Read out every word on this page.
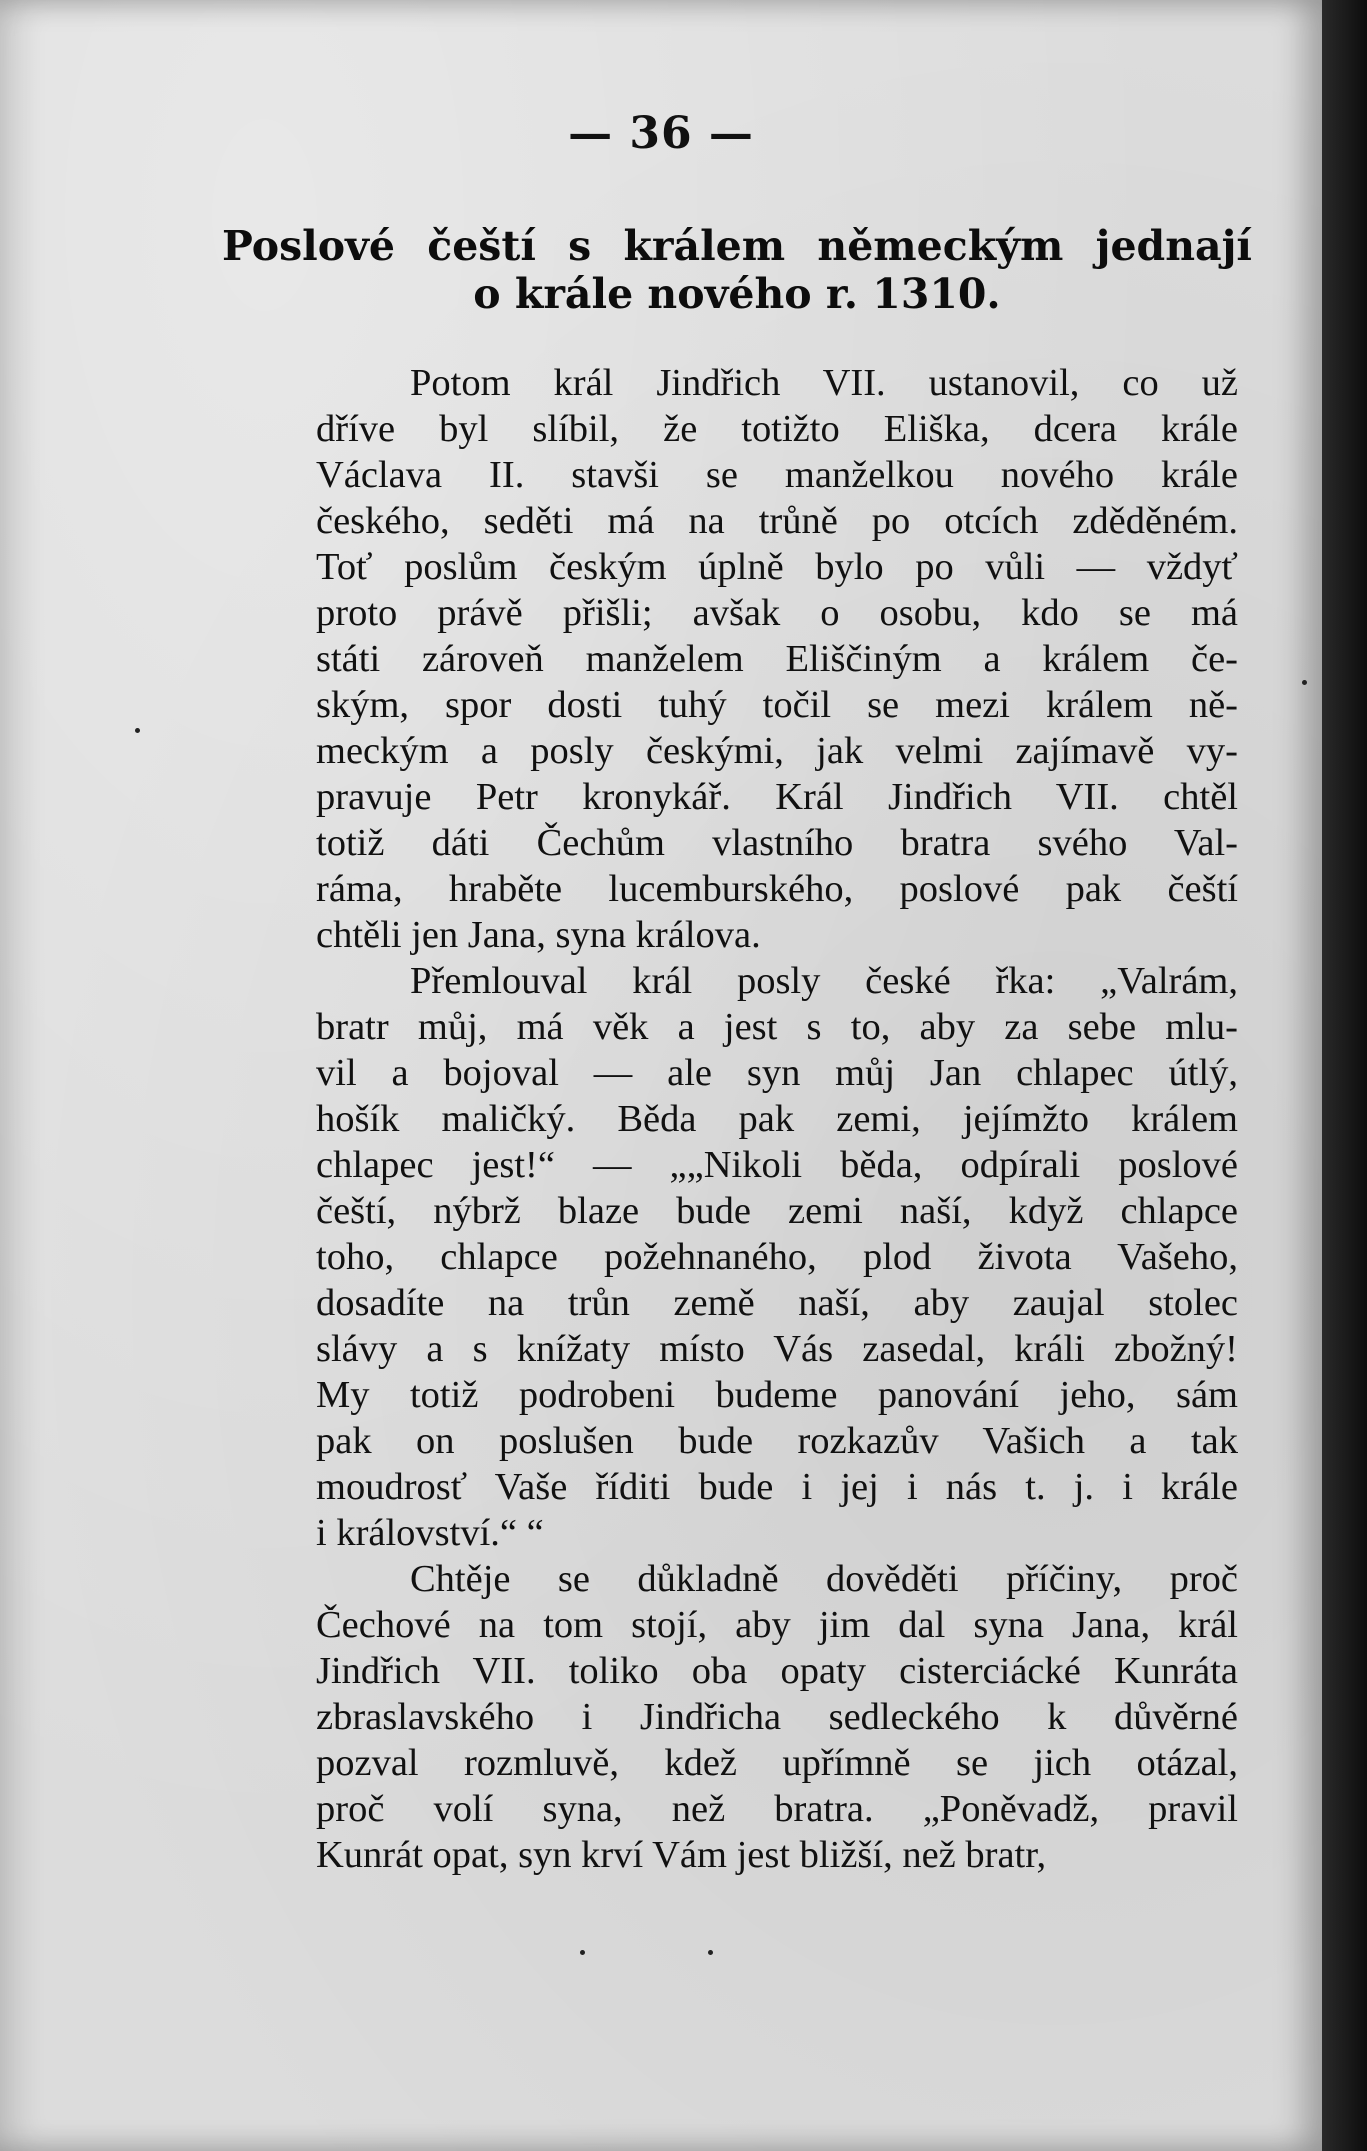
— 36 —
Poslové čeští s králem německým jednají
o krále nového r. 1310.
Potom král Jindřich VII. ustanovil, co už
dříve byl slíbil, že totižto Eliška, dcera krále
Václava II. stavši se manželkou nového krále
českého, seděti má na trůně po otcích zděděném.
Toť poslům českým úplně bylo po vůli — vždyť
proto právě přišli; avšak o osobu, kdo se má
státi zároveň manželem Eliščiným a králem če-
ským, spor dosti tuhý točil se mezi králem ně-
meckým a posly českými, jak velmi zajímavě vy-
pravuje Petr kronykář. Král Jindřich VII. chtěl
totiž dáti Čechům vlastního bratra svého Val-
ráma, hraběte lucemburského, poslové pak čeští
chtěli jen Jana, syna králova.
Přemlouval král posly české řka: „Valrám,
bratr můj, má věk a jest s to, aby za sebe mlu-
vil a bojoval — ale syn můj Jan chlapec útlý,
hošík maličký. Běda pak zemi, jejímžto králem
chlapec jest!“ — „„Nikoli běda, odpírali poslové
čeští, nýbrž blaze bude zemi naší, když chlapce
toho, chlapce požehnaného, plod života Vašeho,
dosadíte na trůn země naší, aby zaujal stolec
slávy a s knížaty místo Vás zasedal, králi zbožný!
My totiž podrobeni budeme panování jeho, sám
pak on poslušen bude rozkazův Vašich a tak
moudrosť Vaše říditi bude i jej i nás t. j. i krále
i království.“ “
Chtěje se důkladně dověděti příčiny, proč
Čechové na tom stojí, aby jim dal syna Jana, král
Jindřich VII. toliko oba opaty cisterciácké Kunráta
zbraslavského i Jindřicha sedleckého k důvěrné
pozval rozmluvě, kdež upřímně se jich otázal,
proč volí syna, než bratra. „Poněvadž, pravil
Kunrát opat, syn krví Vám jest bližší, než bratr,
